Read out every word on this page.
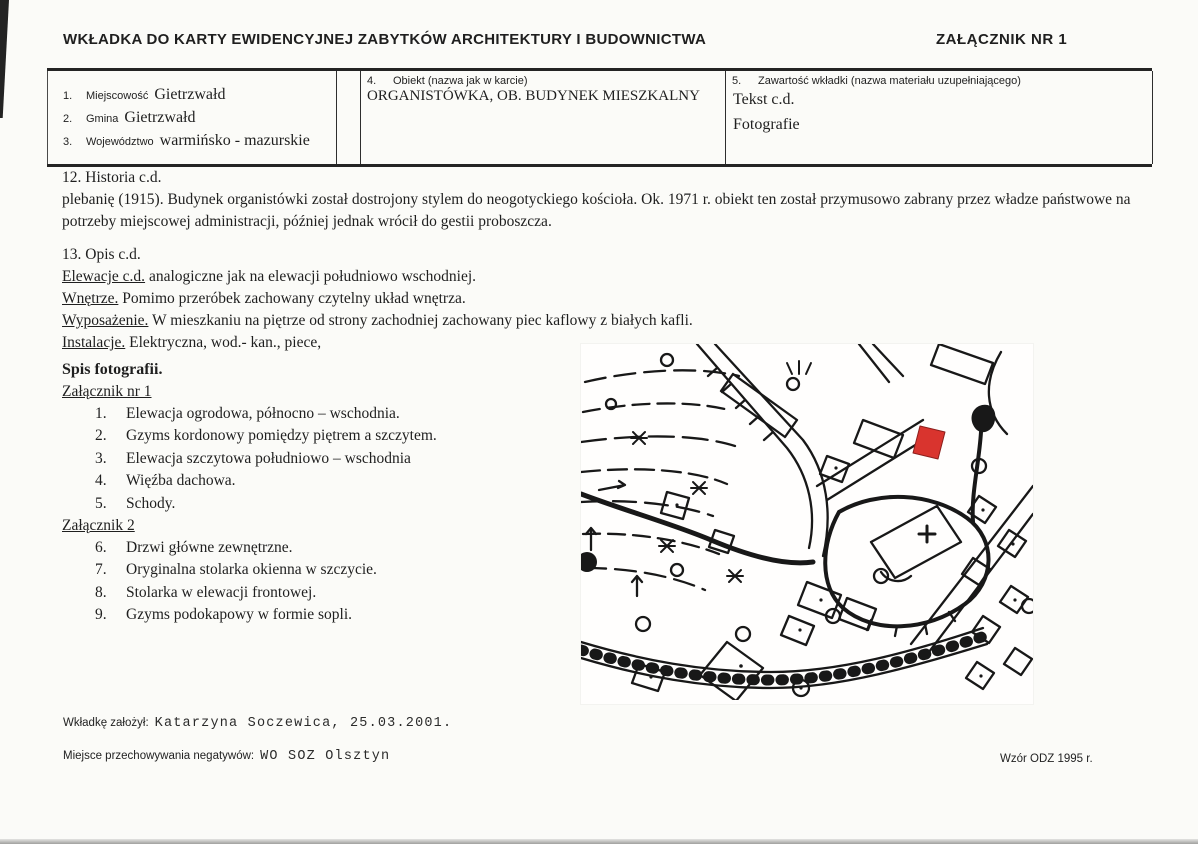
WKŁADKA DO KARTY EWIDENCYJNEJ ZABYTKÓW ARCHITEKTURY I BUDOWNICTWA	ZAŁĄCZNIK NR 1
1.	Miejscowość Gietrzwałd
2.	Gmina Gietrzwałd
3.	Województwo warmińsko - mazurskie
4.	Obiekt (nazwa jak w karcie)
ORGANISTÓWKA, OB. BUDYNEK MIESZKALNY
5.	Zawartość wkładki (nazwa materiału uzupełniającego)
Tekst c.d.
Fotografie
12. Historia c.d.
plebanię (1915). Budynek organistówki został dostrojony stylem do neogotyckiego kościoła. Ok. 1971 r. obiekt ten został przymusowo zabrany przez władze państwowe na potrzeby miejscowej administracji, później jednak wrócił do gestii proboszcza.
13. Opis c.d.
Elewacje c.d. analogiczne jak na elewacji południowo wschodniej.
Wnętrze. Pomimo przeróbek zachowany czytelny układ wnętrza.
Wyposażenie. W mieszkaniu na piętrze od strony zachodniej zachowany piec kaflowy z białych kafli.
Instalacje. Elektryczna, wod.- kan., piece,
Spis fotografii.
Załącznik nr 1
1.	Elewacja ogrodowa, północno – wschodnia.
2.	Gzyms kordonowy pomiędzy piętrem a szczytem.
3.	Elewacja szczytowa południowo – wschodnia
4.	Więźba dachowa.
5.	Schody.
Załącznik 2
6.	Drzwi główne zewnętrzne.
7.	Oryginalna stolarka okienna w szczycie.
8.	Stolarka w elewacji frontowej.
9.	Gzyms podokapowy w formie sopli.
Wkładkę założył: Katarzyna Soczewica, 25.03.2001.
Miejsce przechowywania negatywów: WO SOZ Olsztyn	Wzór ODZ 1995 r.
